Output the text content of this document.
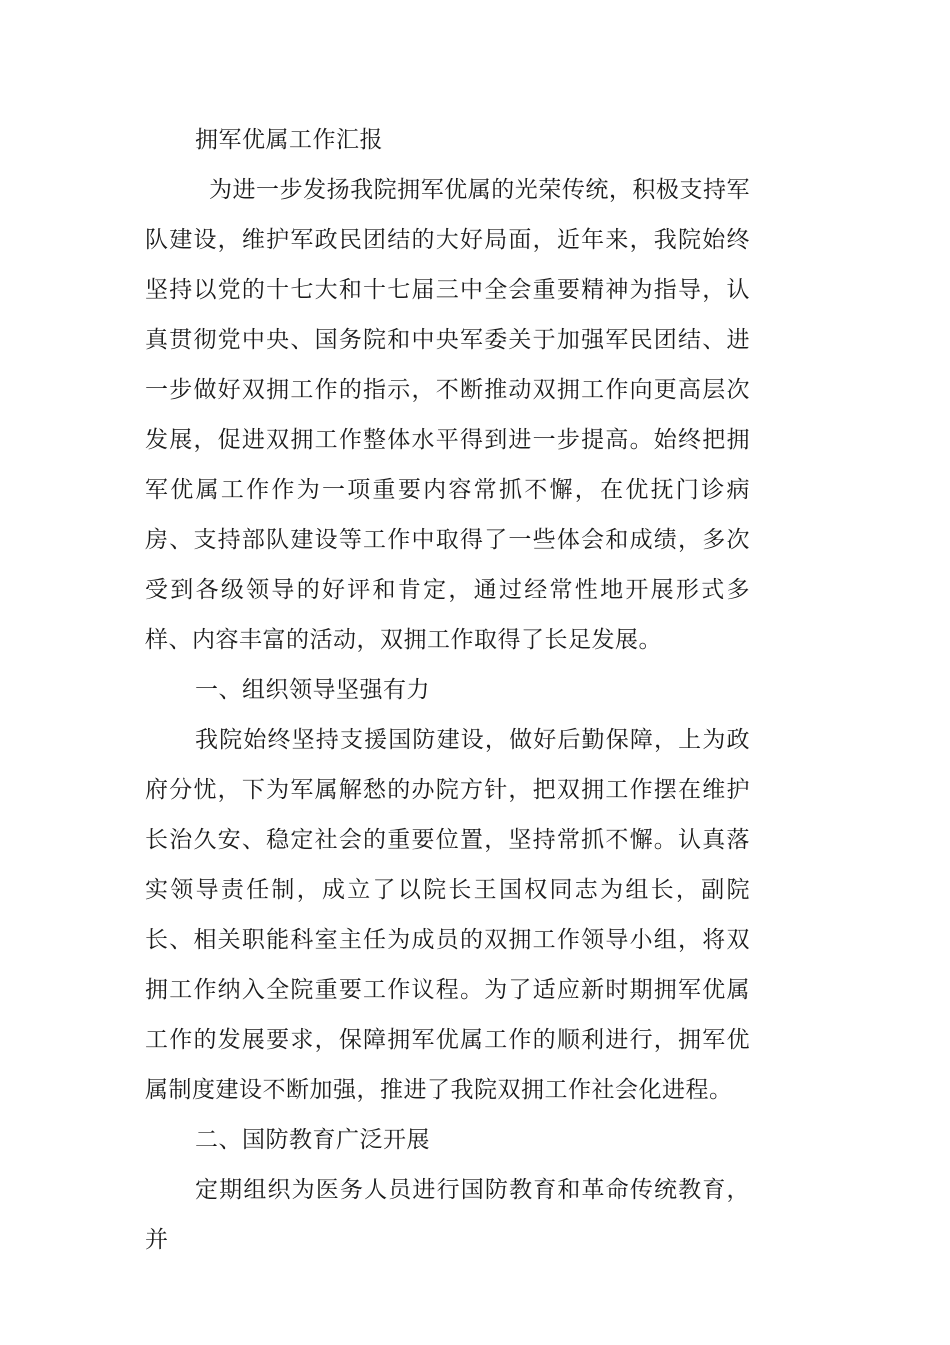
拥军优属工作汇报

为进一步发扬我院拥军优属的光荣传统，积极支持军队建设，维护军政民团结的大好局面，近年来，我院始终坚持以党的十七大和十七届三中全会重要精神为指导，认真贯彻党中央、国务院和中央军委关于加强军民团结、进一步做好双拥工作的指示，不断推动双拥工作向更高层次发展，促进双拥工作整体水平得到进一步提高。始终把拥军优属工作作为一项重要内容常抓不懈，在优抚门诊病房、支持部队建设等工作中取得了一些体会和成绩，多次受到各级领导的好评和肯定，通过经常性地开展形式多样、内容丰富的活动，双拥工作取得了长足发展。

一、组织领导坚强有力

我院始终坚持支援国防建设，做好后勤保障，上为政府分忧，下为军属解愁的办院方针，把双拥工作摆在维护长治久安、稳定社会的重要位置，坚持常抓不懈。认真落实领导责任制，成立了以院长王国权同志为组长，副院长、相关职能科室主任为成员的双拥工作领导小组，将双拥工作纳入全院重要工作议程。为了适应新时期拥军优属工作的发展要求，保障拥军优属工作的顺利进行，拥军优属制度建设不断加强，推进了我院双拥工作社会化进程。

二、国防教育广泛开展

定期组织为医务人员进行国防教育和革命传统教育，并
